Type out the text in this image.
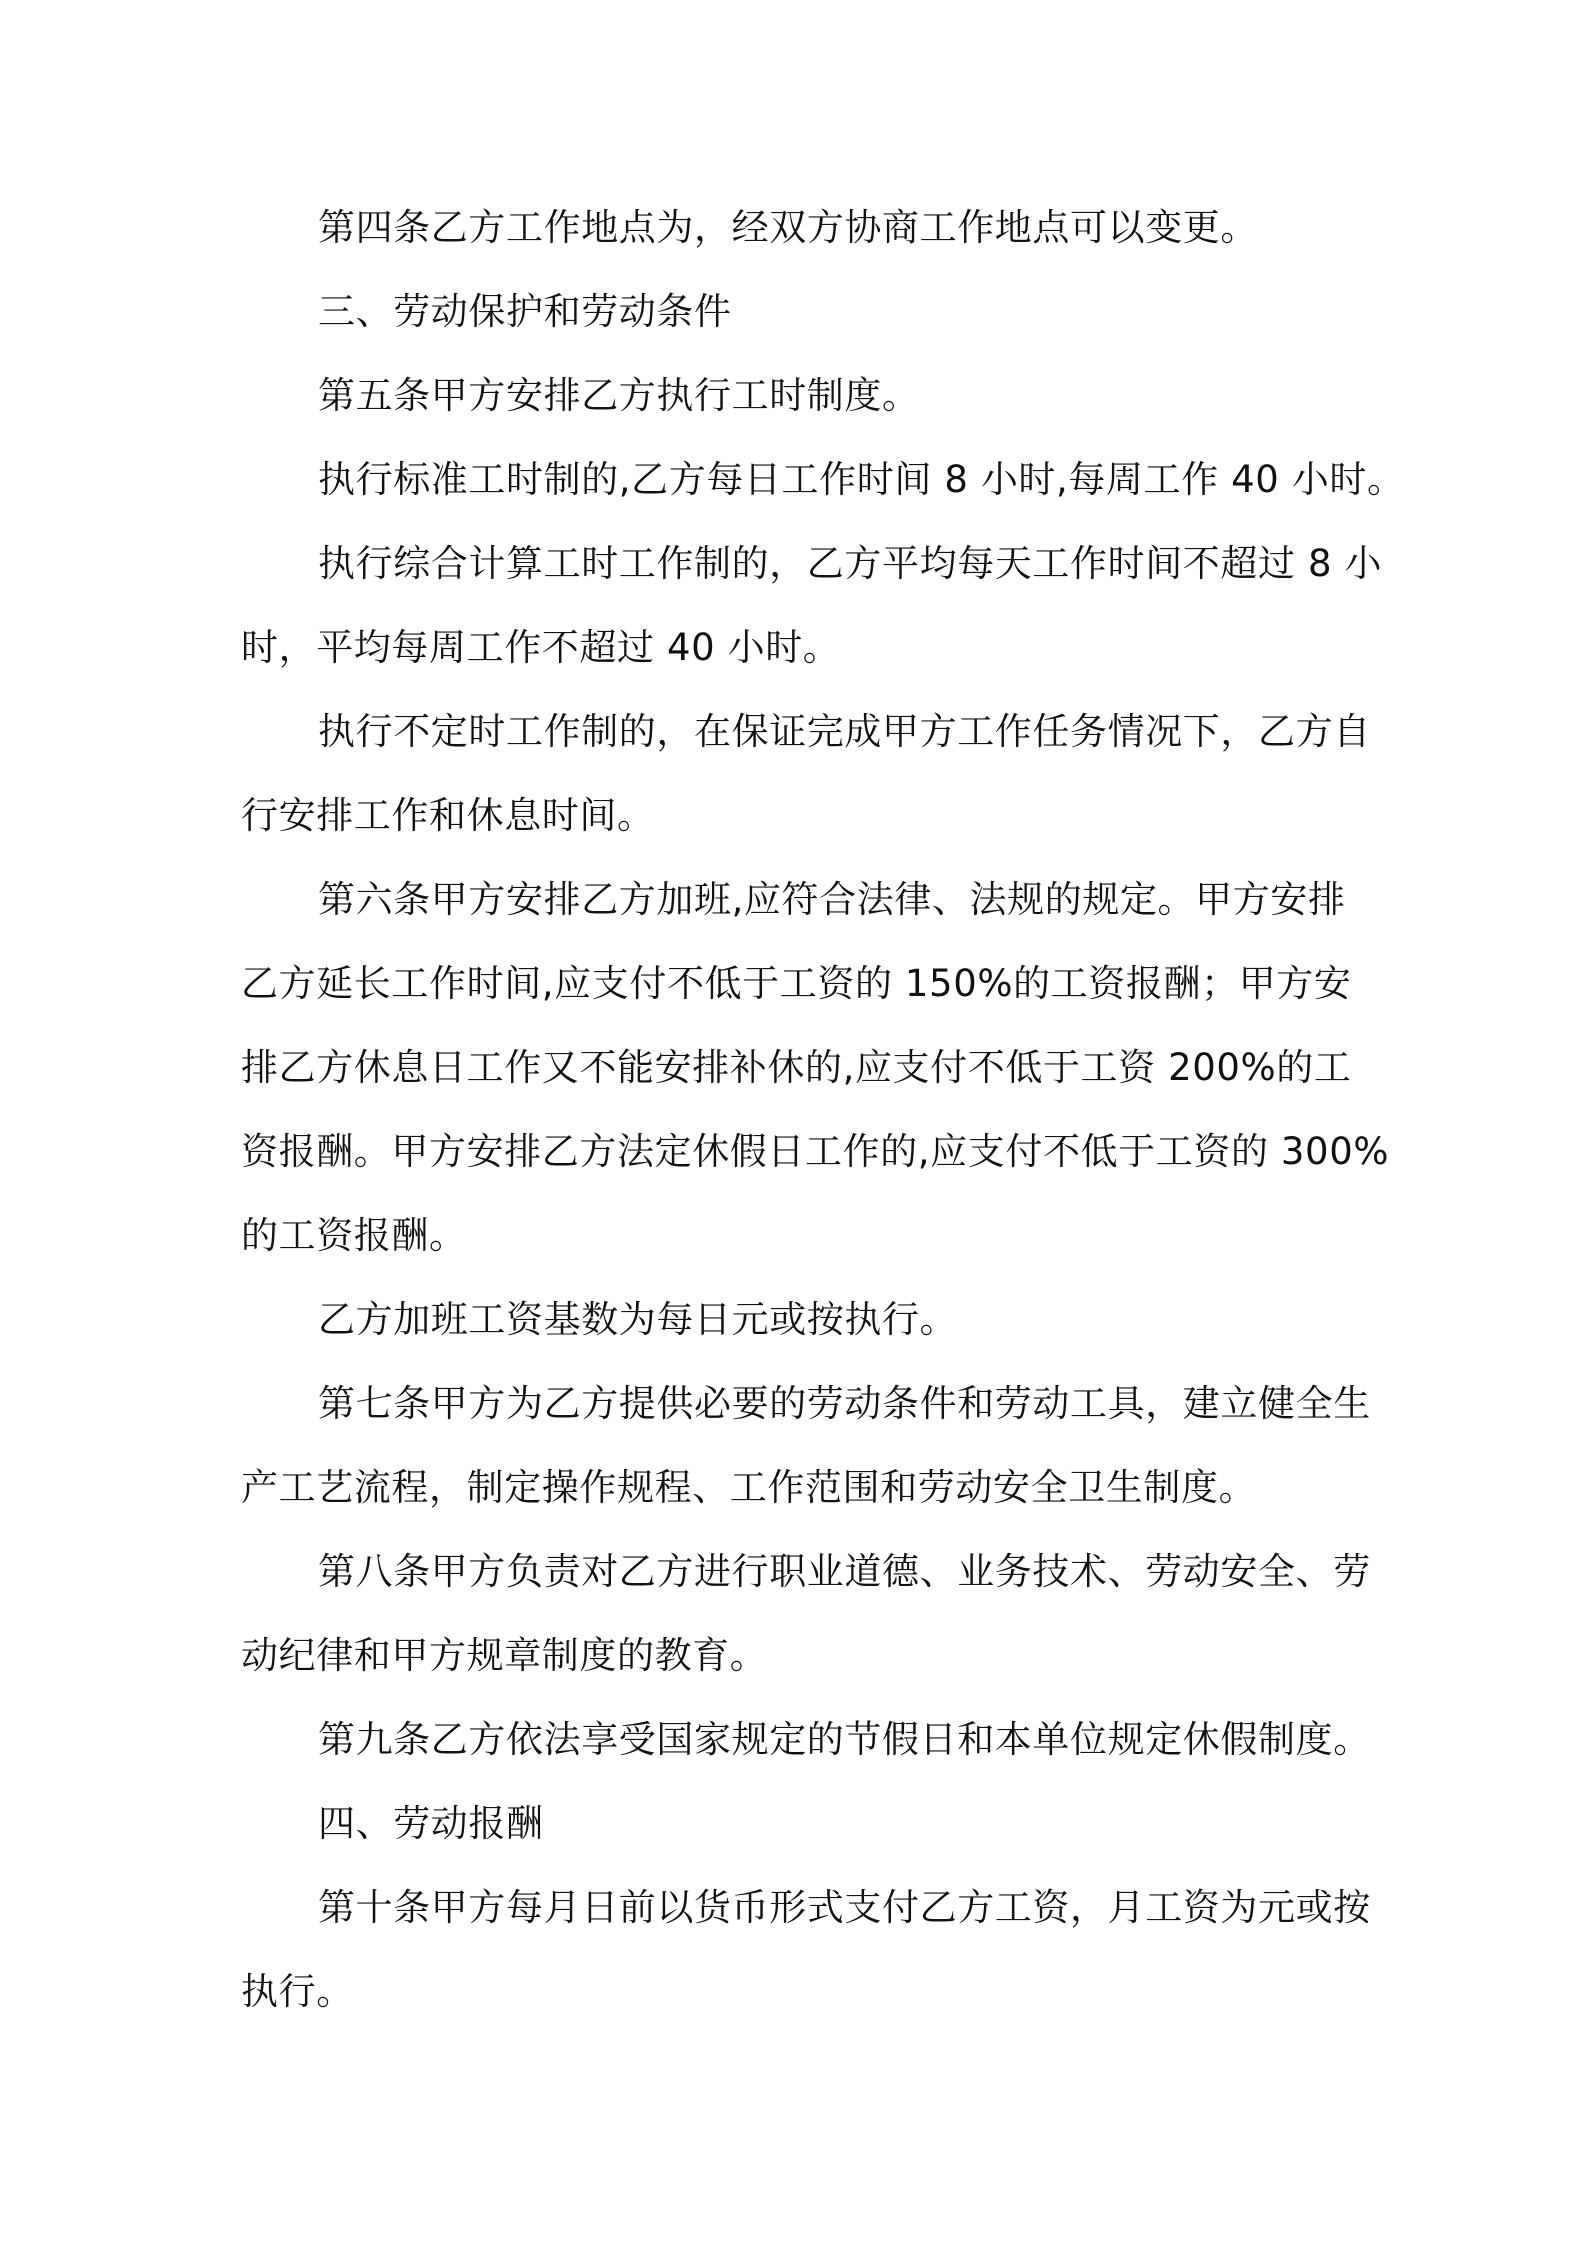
第四条乙方工作地点为，经双方协商工作地点可以变更。
三、劳动保护和劳动条件
第五条甲方安排乙方执行工时制度。
执行标准工时制的,乙方每日工作时间 8 小时,每周工作 40 小时。
执行综合计算工时工作制的，乙方平均每天工作时间不超过 8 小
时，平均每周工作不超过 40 小时。
执行不定时工作制的，在保证完成甲方工作任务情况下，乙方自
行安排工作和休息时间。
第六条甲方安排乙方加班,应符合法律、法规的规定。甲方安排
乙方延长工作时间,应支付不低于工资的 150%的工资报酬；甲方安
排乙方休息日工作又不能安排补休的,应支付不低于工资 200%的工
资报酬。甲方安排乙方法定休假日工作的,应支付不低于工资的 300%
的工资报酬。
乙方加班工资基数为每日元或按执行。
第七条甲方为乙方提供必要的劳动条件和劳动工具，建立健全生
产工艺流程，制定操作规程、工作范围和劳动安全卫生制度。
第八条甲方负责对乙方进行职业道德、业务技术、劳动安全、劳
动纪律和甲方规章制度的教育。
第九条乙方依法享受国家规定的节假日和本单位规定休假制度。
四、劳动报酬
第十条甲方每月日前以货币形式支付乙方工资，月工资为元或按
执行。
